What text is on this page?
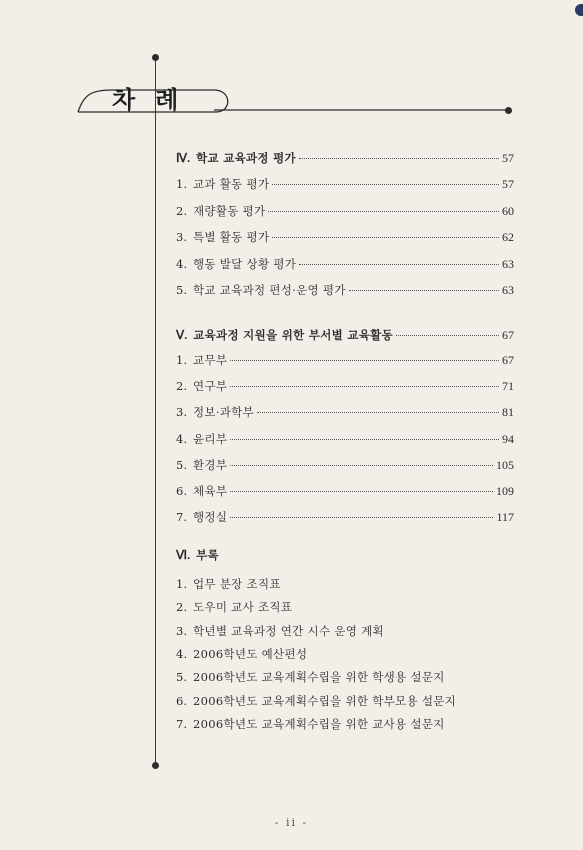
차례
Ⅳ. 학교 교육과정 평가	57
1. 교과 활동 평가	57
2. 재량활동 평가	60
3. 특별 활동 평가	62
4. 행동 발달 상황 평가	63
5. 학교 교육과정 편성·운영 평가	63
Ⅴ. 교육과정 지원을 위한 부서별 교육활동	67
1. 교무부	67
2. 연구부	71
3. 정보·과학부	81
4. 윤리부	94
5. 환경부	105
6. 체육부	109
7. 행정실	117
Ⅵ. 부록
1. 업무 분장 조직표
2. 도우미 교사 조직표
3. 학년별 교육과정 연간 시수 운영 계획
4. 2006학년도 예산편성
5. 2006학년도 교육계획수립을 위한 학생용 설문지
6. 2006학년도 교육계획수립을 위한 학부모용 설문지
7. 2006학년도 교육계획수립을 위한 교사용 설문지
- ii -
